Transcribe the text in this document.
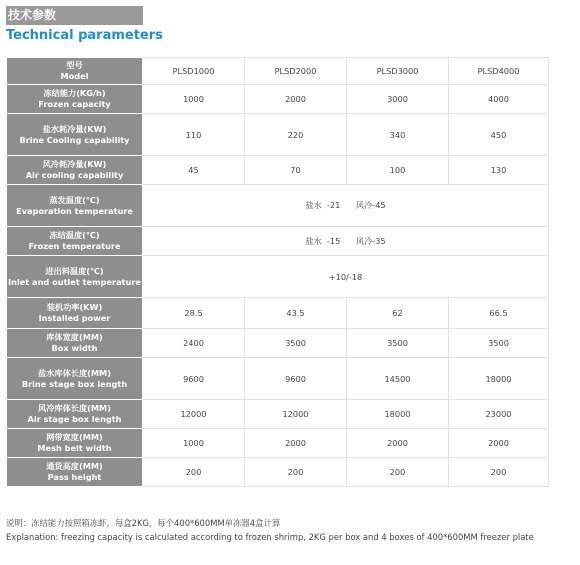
技术参数
Technical parameters
型号
Model	PLSD1000	PLSD2000	PLSD3000	PLSD4000

冻结能力(KG/h)
Frozen capacity	1000	2000	3000	4000

盐水耗冷量(KW)
Brine Cooling capability	110	220	340	450

风冷耗冷量(KW)
Air cooling capability	45	70	100	130

蒸发温度(℃)
Evaporation temperature	盐水  -21      风冷-45			

冻结温度(℃)
Frozen temperature	盐水  -15      风冷-35			

进出料温度(℃)
Inlet and outlet temperature	+10/-18			

装机功率(KW)
Installed power	28.5	43.5	62	66.5

库体宽度(MM)
Box width	2400	3500	3500	3500

盐水库体长度(MM)
Brine stage box length	9600	9600	14500	18000

风冷库体长度(MM)
Air stage box length	12000	12000	18000	23000

网带宽度(MM)
Mesh belt width	1000	2000	2000	2000

通货高度(MM)
Pass height	200	200	200	200
说明：冻结能力按照箱冻虾，每盒2KG，每个400*600MM单冻器4盒计算
Explanation: freezing capacity is calculated according to frozen shrimp, 2KG per box and 4 boxes of 400*600MM freezer plate
